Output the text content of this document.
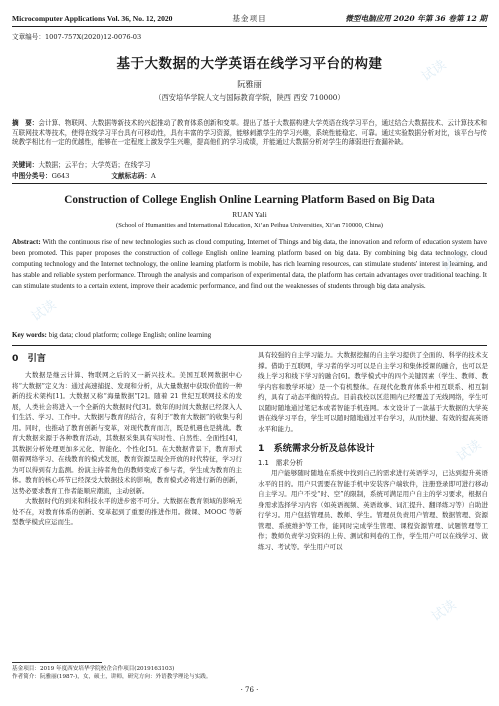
Microcomputer Applications Vol. 36, No. 12, 2020	基金项目	微型电脑应用 2020 年第 36 卷第 12 期
文章编号：1007-757X(2020)12-0076-03
基于大数据的大学英语在线学习平台的构建
阮雅丽
（西安培华学院人文与国际教育学院，陕西 西安 710000）
摘　要：会计算、物联网、大数据等新技术的兴起推动了教育体系创新和变革。提出了基于大数据构建大学英语在线学习平台，通过结合大数据技术、云计算技术和互联网技术等技术，使得在线学习平台具有可移动性，具有丰富的学习资源，能够刺激学生的学习兴趣，系统性能稳定、可靠。通过实验数据分析对比，该平台与传统教学相比有一定的优越性，能够在一定程度上激发学生兴趣，提高他们的学习成绩，并能通过大数据分析对学生的薄弱进行查漏补缺。
关键词：大数据；云平台；大学英语；在线学习
中图分类号：G643	文献标志码：A
Construction of College English Online Learning Platform Based on Big Data
RUAN Yali
(School of Humanities and International Education, Xi’an Peihua Universities, Xi’an 710000, China)
Abstract: With the continuous rise of new technologies such as cloud computing, Internet of Things and big data, the innovation and reform of education system have been promoted. This paper proposes the construction of college English online learning platform based on big data. By combining big data technology, cloud computing technology and the Internet technology, the online learning platform is mobile, has rich learning resources, can stimulate students' interest in learning, and has stable and reliable system performance. Through the analysis and comparison of experimental data, the platform has certain advantages over traditional teaching. It can stimulate students to a certain extent, improve their academic performance, and find out the weaknesses of students through big data analysis.
Key words: big data; cloud platform; college English; online learning
0　引言

大数据是继云计算、物联网之后的又一新兴技术。美国互联网数据中心将“大数据”定义为：通过高速捕捉、发现和分析，从大量数据中获取价值的一种新的技术架构[1]。大数据又称“海量数据”[2]。随着 21 世纪互联网技术的发展，人类社会将进入一个全新的大数据时代[3]。数年的时间大数据已经深入人们生活、学习、工作中。大数据与教育的结合，有利于“教育大数据”的收集与利用。同时，也推动了教育创新与变革，对现代教育而言，既是机遇也是挑战。教育大数据来源于各种教育活动，其数据采集具有实时性、自然性、全面性[4]，其数据分析处理更加多元化、智能化、个性化[5]。在大数据背景下，教育形式朝着网络学习、在线教育的模式发展，教育资源呈现全开放的时代特征，学习行为可以得到有力监测。扮演主持者角色的教师变成了参与者，学生成为教育的主体。教育的核心环节已经深受大数据技术的影响，教育模式必将进行新的创新，这势必要求教育工作者能顺应潮流，主动创新。

大数据时代的到来和科技水平的进步密不可分。大数据在教育领域的影响无处不在，对教育体系的创新、变革起到了重要的推进作用。微课、MOOC 等新型教学模式应运而生。

具有较强的自主学习能力。大数据挖掘的自主学习提供了全面的、科学的技术支撑。借助于互联网，学习者的学习可以是自主学习和集体授课的融合，也可以是线上学习和线下学习的融合[6]。教学模式中的四个关键因素（学生、教师、教学内容和教学环境）是一个有机整体。在现代化教育体系中相互联系、相互制约，具有了动态平衡的特点。目前我校以区范围内已经覆盖了无线网络，学生可以随时随地通过笔记本或者智能手机连网。本文设计了一款基于大数据的大学英语在线学习平台，学生可以随时随地通过平台学习，从而快捷、有效的提高英语水平和能力。

1　系统需求分析及总体设计
1.1　需求分析

用户能够随时随地在系统中找到自己的需求进行英语学习，已达到提升英语水平的目的。用户只需要在智能手机中安装客户端软件，注册登录即可进行移动自主学习。用户不受“时、空”的限制，系统可满足用户自主的学习要求，根据自身需求选择学习内容（如英语视频、英语故事、词汇提升、翻译练习等）自助进行学习。用户包括管理员、教师、学生。管理员负责用户管理、数据管理、资源管理、系统维护等工作，能同时完成学生管理、课程资源管理、试题管理等工作；教师负责学习资料的上传、测试和判卷的工作，学生用户可以在线学习、做练习、考试等。学生用户可以

基金项目：2019 年度西安培华学院校企合作项目(2019163103)
作者简介：阮雅丽(1987-)，女，硕士，讲师，研究方向：外语教学理论与实践。
· 76 ·
试读
试读
试读
试读
试读
